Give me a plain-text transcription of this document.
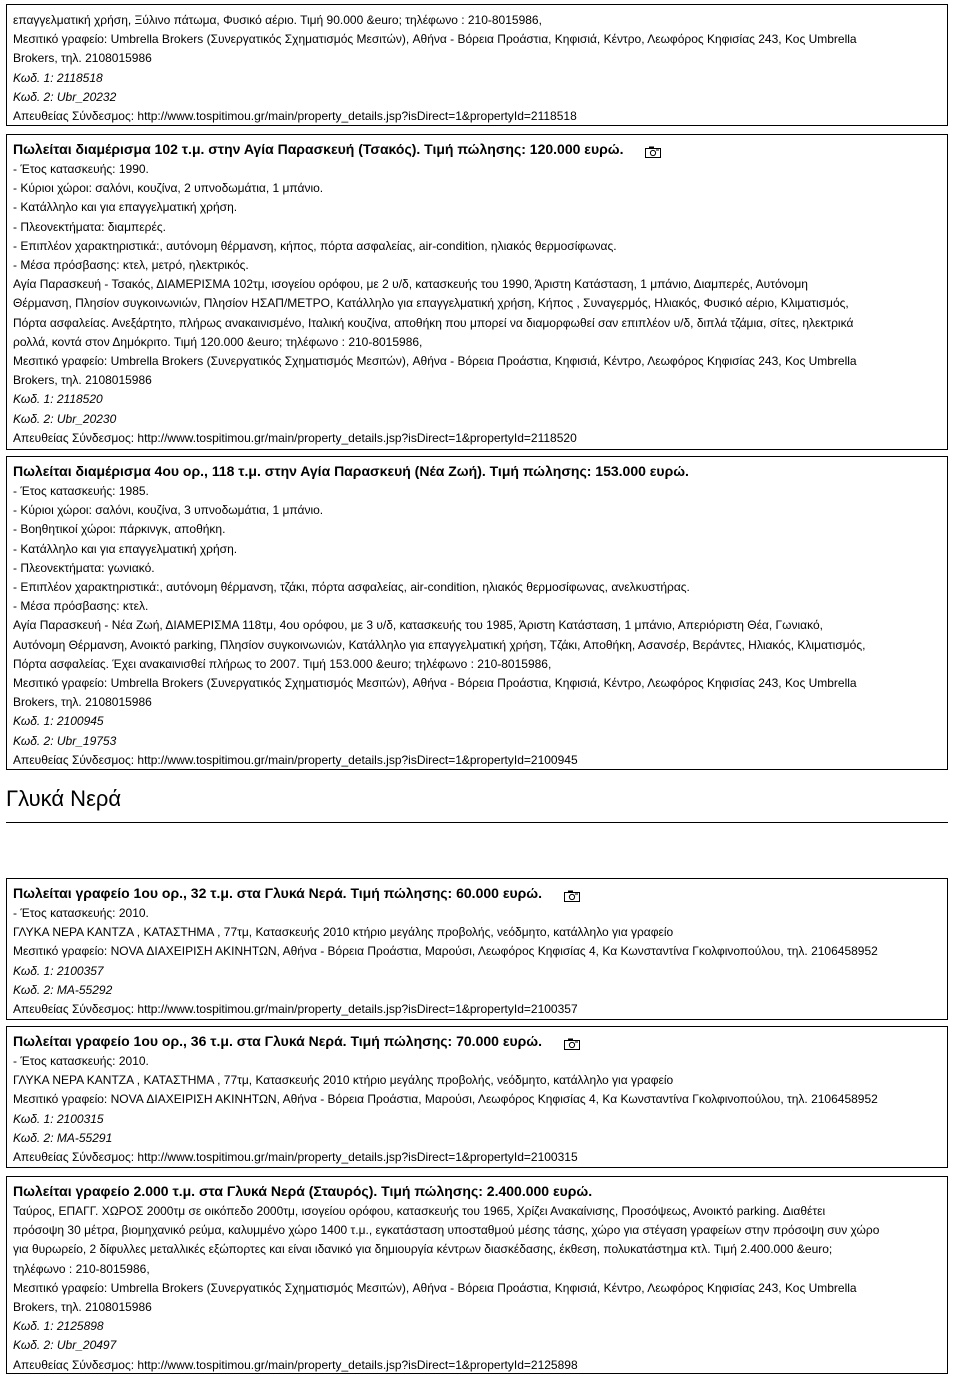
επαγγελματική χρήση, Ξύλινο πάτωμα, Φυσικό αέριο. Τιμή 90.000 &euro; τηλέφωνο : 210-8015986,
Μεσιτικό γραφείο: Umbrella Brokers (Συνεργατικός Σχηματισμός Μεσιτών), Αθήνα - Βόρεια Προάστια, Κηφισιά, Κέντρο, Λεωφόρος Κηφισίας 243, Κος Umbrella
Brokers, τηλ. 2108015986
Κωδ. 1: 2118518
Κωδ. 2: Ubr_20232
Απευθείας Σύνδεσμος: http://www.tospitimou.gr/main/property_details.jsp?isDirect=1&propertyId=2118518
Πωλείται διαμέρισμα 102 τ.μ. στην Αγία Παρασκευή (Τσακός). Τιμή πώλησης: 120.000 ευρώ.
- Έτος κατασκευής: 1990.
- Κύριοι χώροι: σαλόνι, κουζίνα, 2 υπνοδωμάτια, 1 μπάνιο.
- Κατάλληλο και για επαγγελματική χρήση.
- Πλεονεκτήματα: διαμπερές.
- Επιπλέον χαρακτηριστικά:, αυτόνομη θέρμανση, κήπος, πόρτα ασφαλείας, air-condition, ηλιακός θερμοσίφωνας.
- Μέσα πρόσβασης: κτελ, μετρό, ηλεκτρικός.
Αγία Παρασκευή - Τσακός, ΔΙΑΜΕΡΙΣΜΑ 102τμ, ισογείου ορόφου, με 2 υ/δ, κατασκευής του 1990, Άριστη Κατάσταση, 1 μπάνιο, Διαμπερές, Αυτόνομη
Θέρμανση, Πλησίον συγκοινωνιών, Πλησίον ΗΣΑΠ/ΜΕΤΡΟ, Κατάλληλο για επαγγελματική χρήση, Κήπος , Συναγερμός, Ηλιακός, Φυσικό αέριο, Κλιματισμός,
Πόρτα ασφαλείας. Ανεξάρτητο, πλήρως ανακαινισμένο, Ιταλική κουζίνα, αποθήκη που μπορεί να διαμορφωθεί σαν επιπλέον υ/δ, διπλά τζάμια, σίτες, ηλεκτρικά
ρολλά, κοντά στον Δημόκριτο. Τιμή 120.000 &euro; τηλέφωνο : 210-8015986,
Μεσιτικό γραφείο: Umbrella Brokers (Συνεργατικός Σχηματισμός Μεσιτών), Αθήνα - Βόρεια Προάστια, Κηφισιά, Κέντρο, Λεωφόρος Κηφισίας 243, Κος Umbrella
Brokers, τηλ. 2108015986
Κωδ. 1: 2118520
Κωδ. 2: Ubr_20230
Απευθείας Σύνδεσμος: http://www.tospitimou.gr/main/property_details.jsp?isDirect=1&propertyId=2118520
Πωλείται διαμέρισμα 4ου ορ., 118 τ.μ. στην Αγία Παρασκευή (Νέα Ζωή). Τιμή πώλησης: 153.000 ευρώ.
- Έτος κατασκευής: 1985.
- Κύριοι χώροι: σαλόνι, κουζίνα, 3 υπνοδωμάτια, 1 μπάνιο.
- Βοηθητικοί χώροι: πάρκινγκ, αποθήκη.
- Κατάλληλο και για επαγγελματική χρήση.
- Πλεονεκτήματα: γωνιακό.
- Επιπλέον χαρακτηριστικά:, αυτόνομη θέρμανση, τζάκι, πόρτα ασφαλείας, air-condition, ηλιακός θερμοσίφωνας, ανελκυστήρας.
- Μέσα πρόσβασης: κτελ.
Αγία Παρασκευή - Νέα Ζωή, ΔΙΑΜΕΡΙΣΜΑ 118τμ, 4ου ορόφου, με 3 υ/δ, κατασκευής του 1985, Άριστη Κατάσταση, 1 μπάνιο, Απεριόριστη Θέα, Γωνιακό,
Αυτόνομη Θέρμανση, Ανοικτό parking, Πλησίον συγκοινωνιών, Κατάλληλο για επαγγελματική χρήση, Τζάκι, Αποθήκη, Ασανσέρ, Βεράντες, Ηλιακός, Κλιματισμός,
Πόρτα ασφαλείας. Έχει ανακαινισθεί πλήρως το 2007. Τιμή 153.000 &euro; τηλέφωνο : 210-8015986,
Μεσιτικό γραφείο: Umbrella Brokers (Συνεργατικός Σχηματισμός Μεσιτών), Αθήνα - Βόρεια Προάστια, Κηφισιά, Κέντρο, Λεωφόρος Κηφισίας 243, Κος Umbrella
Brokers, τηλ. 2108015986
Κωδ. 1: 2100945
Κωδ. 2: Ubr_19753
Απευθείας Σύνδεσμος: http://www.tospitimou.gr/main/property_details.jsp?isDirect=1&propertyId=2100945
Γλυκά Νερά
Πωλείται γραφείο 1ου ορ., 32 τ.μ. στα Γλυκά Νερά. Τιμή πώλησης: 60.000 ευρώ.
- Έτος κατασκευής: 2010.
ΓΛΥΚΑ ΝΕΡΑ ΚΑΝΤΖΑ , ΚΑΤΑΣΤΗΜΑ , 77τμ, Κατασκευής 2010 κτήριο μεγάλης προβολής, νεόδμητο, κατάλληλο για γραφείο
Μεσιτικό γραφείο: NOVA ΔΙΑΧΕΙΡΙΣΗ ΑΚΙΝΗΤΩΝ, Αθήνα - Βόρεια Προάστια, Μαρούσι, Λεωφόρος Κηφισίας 4, Κα Κωνσταντίνα Γκολφινοπούλου, τηλ. 2106458952
Κωδ. 1: 2100357
Κωδ. 2: MA-55292
Απευθείας Σύνδεσμος: http://www.tospitimou.gr/main/property_details.jsp?isDirect=1&propertyId=2100357
Πωλείται γραφείο 1ου ορ., 36 τ.μ. στα Γλυκά Νερά. Τιμή πώλησης: 70.000 ευρώ.
- Έτος κατασκευής: 2010.
ΓΛΥΚΑ ΝΕΡΑ ΚΑΝΤΖΑ , ΚΑΤΑΣΤΗΜΑ , 77τμ, Κατασκευής 2010 κτήριο μεγάλης προβολής, νεόδμητο, κατάλληλο για γραφείο
Μεσιτικό γραφείο: NOVA ΔΙΑΧΕΙΡΙΣΗ ΑΚΙΝΗΤΩΝ, Αθήνα - Βόρεια Προάστια, Μαρούσι, Λεωφόρος Κηφισίας 4, Κα Κωνσταντίνα Γκολφινοπούλου, τηλ. 2106458952
Κωδ. 1: 2100315
Κωδ. 2: MA-55291
Απευθείας Σύνδεσμος: http://www.tospitimou.gr/main/property_details.jsp?isDirect=1&propertyId=2100315
Πωλείται γραφείο 2.000 τ.μ. στα Γλυκά Νερά (Σταυρός). Τιμή πώλησης: 2.400.000 ευρώ.
Ταύρος, ΕΠΑΓΓ. ΧΩΡΟΣ 2000τμ σε οικόπεδο 2000τμ, ισογείου ορόφου, κατασκευής του 1965, Χρίζει Ανακαίνισης, Προσόψεως, Ανοικτό parking. Διαθέτει
πρόσοψη 30 μέτρα, βιομηχανικό ρεύμα, καλυμμένο χώρο 1400 τ.μ., εγκατάσταση υποσταθμού μέσης τάσης, χώρο για στέγαση γραφείων στην πρόσοψη συν χώρο
για θυρωρείο, 2 δίφυλλες μεταλλικές εξώπορτες και είναι ιδανικό για δημιουργία κέντρων διασκέδασης, έκθεση, πολυκατάστημα κτλ. Τιμή 2.400.000 &euro;
τηλέφωνο : 210-8015986,
Μεσιτικό γραφείο: Umbrella Brokers (Συνεργατικός Σχηματισμός Μεσιτών), Αθήνα - Βόρεια Προάστια, Κηφισιά, Κέντρο, Λεωφόρος Κηφισίας 243, Κος Umbrella
Brokers, τηλ. 2108015986
Κωδ. 1: 2125898
Κωδ. 2: Ubr_20497
Απευθείας Σύνδεσμος: http://www.tospitimou.gr/main/property_details.jsp?isDirect=1&propertyId=2125898
